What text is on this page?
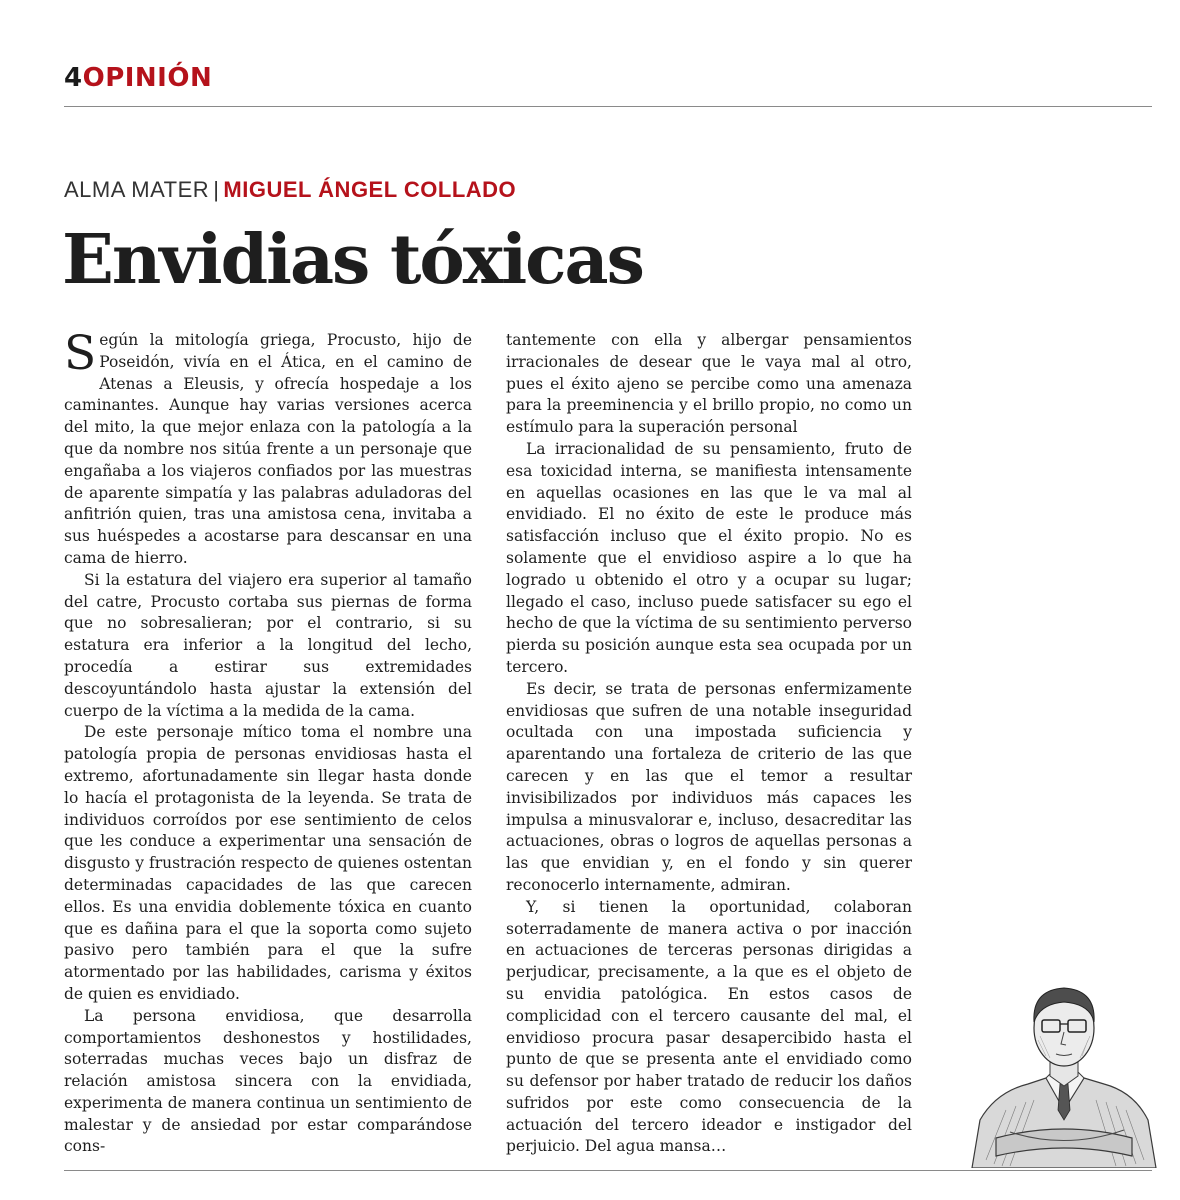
4OPINIÓN
ALMA MATER | MIGUEL ÁNGEL COLLADO
Envidias tóxicas

Según la mitología griega, Procusto, hijo de Poseidón, vivía en el Ática, en el camino de Atenas a Eleusis, y ofrecía hospedaje a los caminantes. Aunque hay varias versiones acerca del mito, la que mejor enlaza con la patología a la que da nombre nos sitúa frente a un personaje que engañaba a los viajeros confiados por las muestras de aparente simpatía y las palabras aduladoras del anfitrión quien, tras una amistosa cena, invitaba a sus huéspedes a acostarse para descansar en una cama de hierro.

Si la estatura del viajero era superior al tamaño del catre, Procusto cortaba sus piernas de forma que no sobresalieran; por el contrario, si su estatura era inferior a la longitud del lecho, procedía a estirar sus extremidades descoyuntándolo hasta ajustar la extensión del cuerpo de la víctima a la medida de la cama.

De este personaje mítico toma el nombre una patología propia de personas envidiosas hasta el extremo, afortunadamente sin llegar hasta donde lo hacía el protagonista de la leyenda. Se trata de individuos corroídos por ese sentimiento de celos que les conduce a experimentar una sensación de disgusto y frustración respecto de quienes ostentan determinadas capacidades de las que carecen ellos. Es una envidia doblemente tóxica en cuanto que es dañina para el que la soporta como sujeto pasivo pero también para el que la sufre atormentado por las habilidades, carisma y éxitos de quien es envidiado.

La persona envidiosa, que desarrolla comportamientos deshonestos y hostilidades, soterradas muchas veces bajo un disfraz de relación amistosa sincera con la envidiada, experimenta de manera continua un sentimiento de malestar y de ansiedad por estar comparándose cons-

tantemente con ella y albergar pensamientos irracionales de desear que le vaya mal al otro, pues el éxito ajeno se percibe como una amenaza para la preeminencia y el brillo propio, no como un estímulo para la superación personal

La irracionalidad de su pensamiento, fruto de esa toxicidad interna, se manifiesta intensamente en aquellas ocasiones en las que le va mal al envidiado. El no éxito de este le produce más satisfacción incluso que el éxito propio. No es solamente que el envidioso aspire a lo que ha logrado u obtenido el otro y a ocupar su lugar; llegado el caso, incluso puede satisfacer su ego el hecho de que la víctima de su sentimiento perverso pierda su posición aunque esta sea ocupada por un tercero.

Es decir, se trata de personas enfermizamente envidiosas que sufren de una notable inseguridad ocultada con una impostada suficiencia y aparentando una fortaleza de criterio de las que carecen y en las que el temor a resultar invisibilizados por individuos más capaces les impulsa a minusvalorar e, incluso, desacreditar las actuaciones, obras o logros de aquellas personas a las que envidian y, en el fondo y sin querer reconocerlo internamente, admiran.

Y, si tienen la oportunidad, colaboran soterradamente de manera activa o por inacción en actuaciones de terceras personas dirigidas a perjudicar, precisamente, a la que es el objeto de su envidia patológica. En estos casos de complicidad con el tercero causante del mal, el envidioso procura pasar desapercibido hasta el punto de que se presenta ante el envidiado como su defensor por haber tratado de reducir los daños sufridos por este como consecuencia de la actuación del tercero ideador e instigador del perjuicio. Del agua mansa…
